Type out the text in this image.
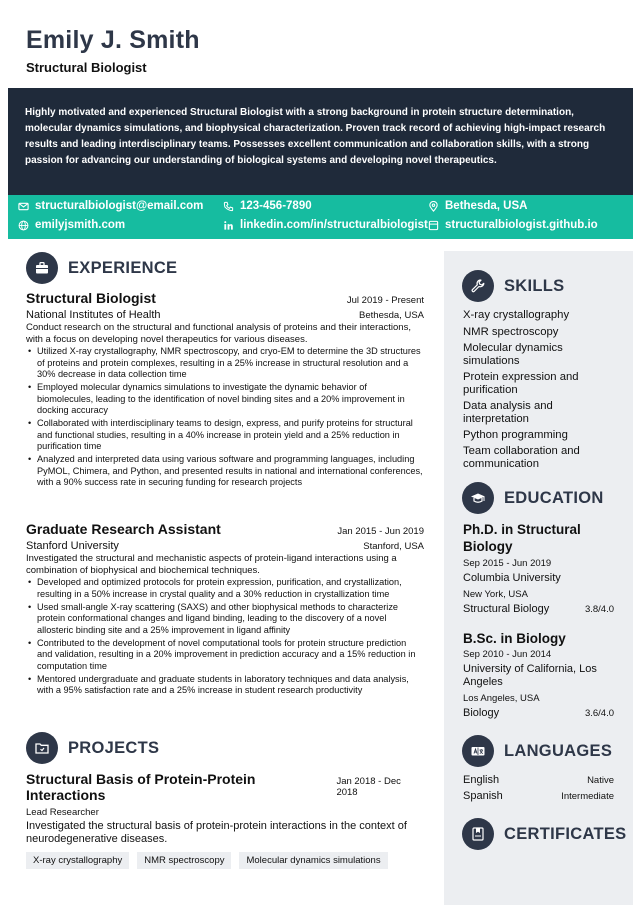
Emily J. Smith
Structural Biologist
Highly motivated and experienced Structural Biologist with a strong background in protein structure determination, molecular dynamics simulations, and biophysical characterization. Proven track record of achieving high-impact research results and leading interdisciplinary teams. Possesses excellent communication and collaboration skills, with a strong passion for advancing our understanding of biological systems and developing novel therapeutics.
structuralbiologist@email.com	123-456-7890	Bethesda, USA
emilyjsmith.com	linkedin.com/in/structuralbiologist structuralbiologist.github.io
EXPERIENCE
Structural Biologist	Jul 2019 - Present
National Institutes of Health	Bethesda, USA
Conduct research on the structural and functional analysis of proteins and their interactions, with a focus on developing novel therapeutics for various diseases.
• Utilized X-ray crystallography, NMR spectroscopy, and cryo-EM to determine the 3D structures of proteins and protein complexes, resulting in a 25% increase in structural resolution and a 30% decrease in data collection time
• Employed molecular dynamics simulations to investigate the dynamic behavior of biomolecules, leading to the identification of novel binding sites and a 20% improvement in docking accuracy
• Collaborated with interdisciplinary teams to design, express, and purify proteins for structural and functional studies, resulting in a 40% increase in protein yield and a 25% reduction in purification time
• Analyzed and interpreted data using various software and programming languages, including PyMOL, Chimera, and Python, and presented results in national and international conferences, with a 90% success rate in securing funding for research projects
Graduate Research Assistant	Jan 2015 - Jun 2019
Stanford University	Stanford, USA
Investigated the structural and mechanistic aspects of protein-ligand interactions using a combination of biophysical and biochemical techniques.
• Developed and optimized protocols for protein expression, purification, and crystallization, resulting in a 50% increase in crystal quality and a 30% reduction in crystallization time
• Used small-angle X-ray scattering (SAXS) and other biophysical methods to characterize protein conformational changes and ligand binding, leading to the discovery of a novel allosteric binding site and a 25% improvement in ligand affinity
• Contributed to the development of novel computational tools for protein structure prediction and validation, resulting in a 20% improvement in prediction accuracy and a 15% reduction in computation time
• Mentored undergraduate and graduate students in laboratory techniques and data analysis, with a 95% satisfaction rate and a 25% increase in student research productivity
PROJECTS
Structural Basis of Protein-Protein Interactions
Jan 2018 - Dec 2018
Lead Researcher
Investigated the structural basis of protein-protein interactions in the context of neurodegenerative diseases.
X-ray crystallography	NMR spectroscopy	Molecular dynamics simulations
SKILLS
X-ray crystallography
NMR spectroscopy
Molecular dynamics simulations
Protein expression and purification
Data analysis and interpretation
Python programming
Team collaboration and communication
EDUCATION
Ph.D. in Structural Biology
Sep 2015 - Jun 2019
Columbia University
New York, USA
Structural Biology	3.8/4.0
B.Sc. in Biology
Sep 2010 - Jun 2014
University of California, Los Angeles
Los Angeles, USA
Biology	3.6/4.0
LANGUAGES
English	Native
Spanish	Intermediate
CERTIFICATES
